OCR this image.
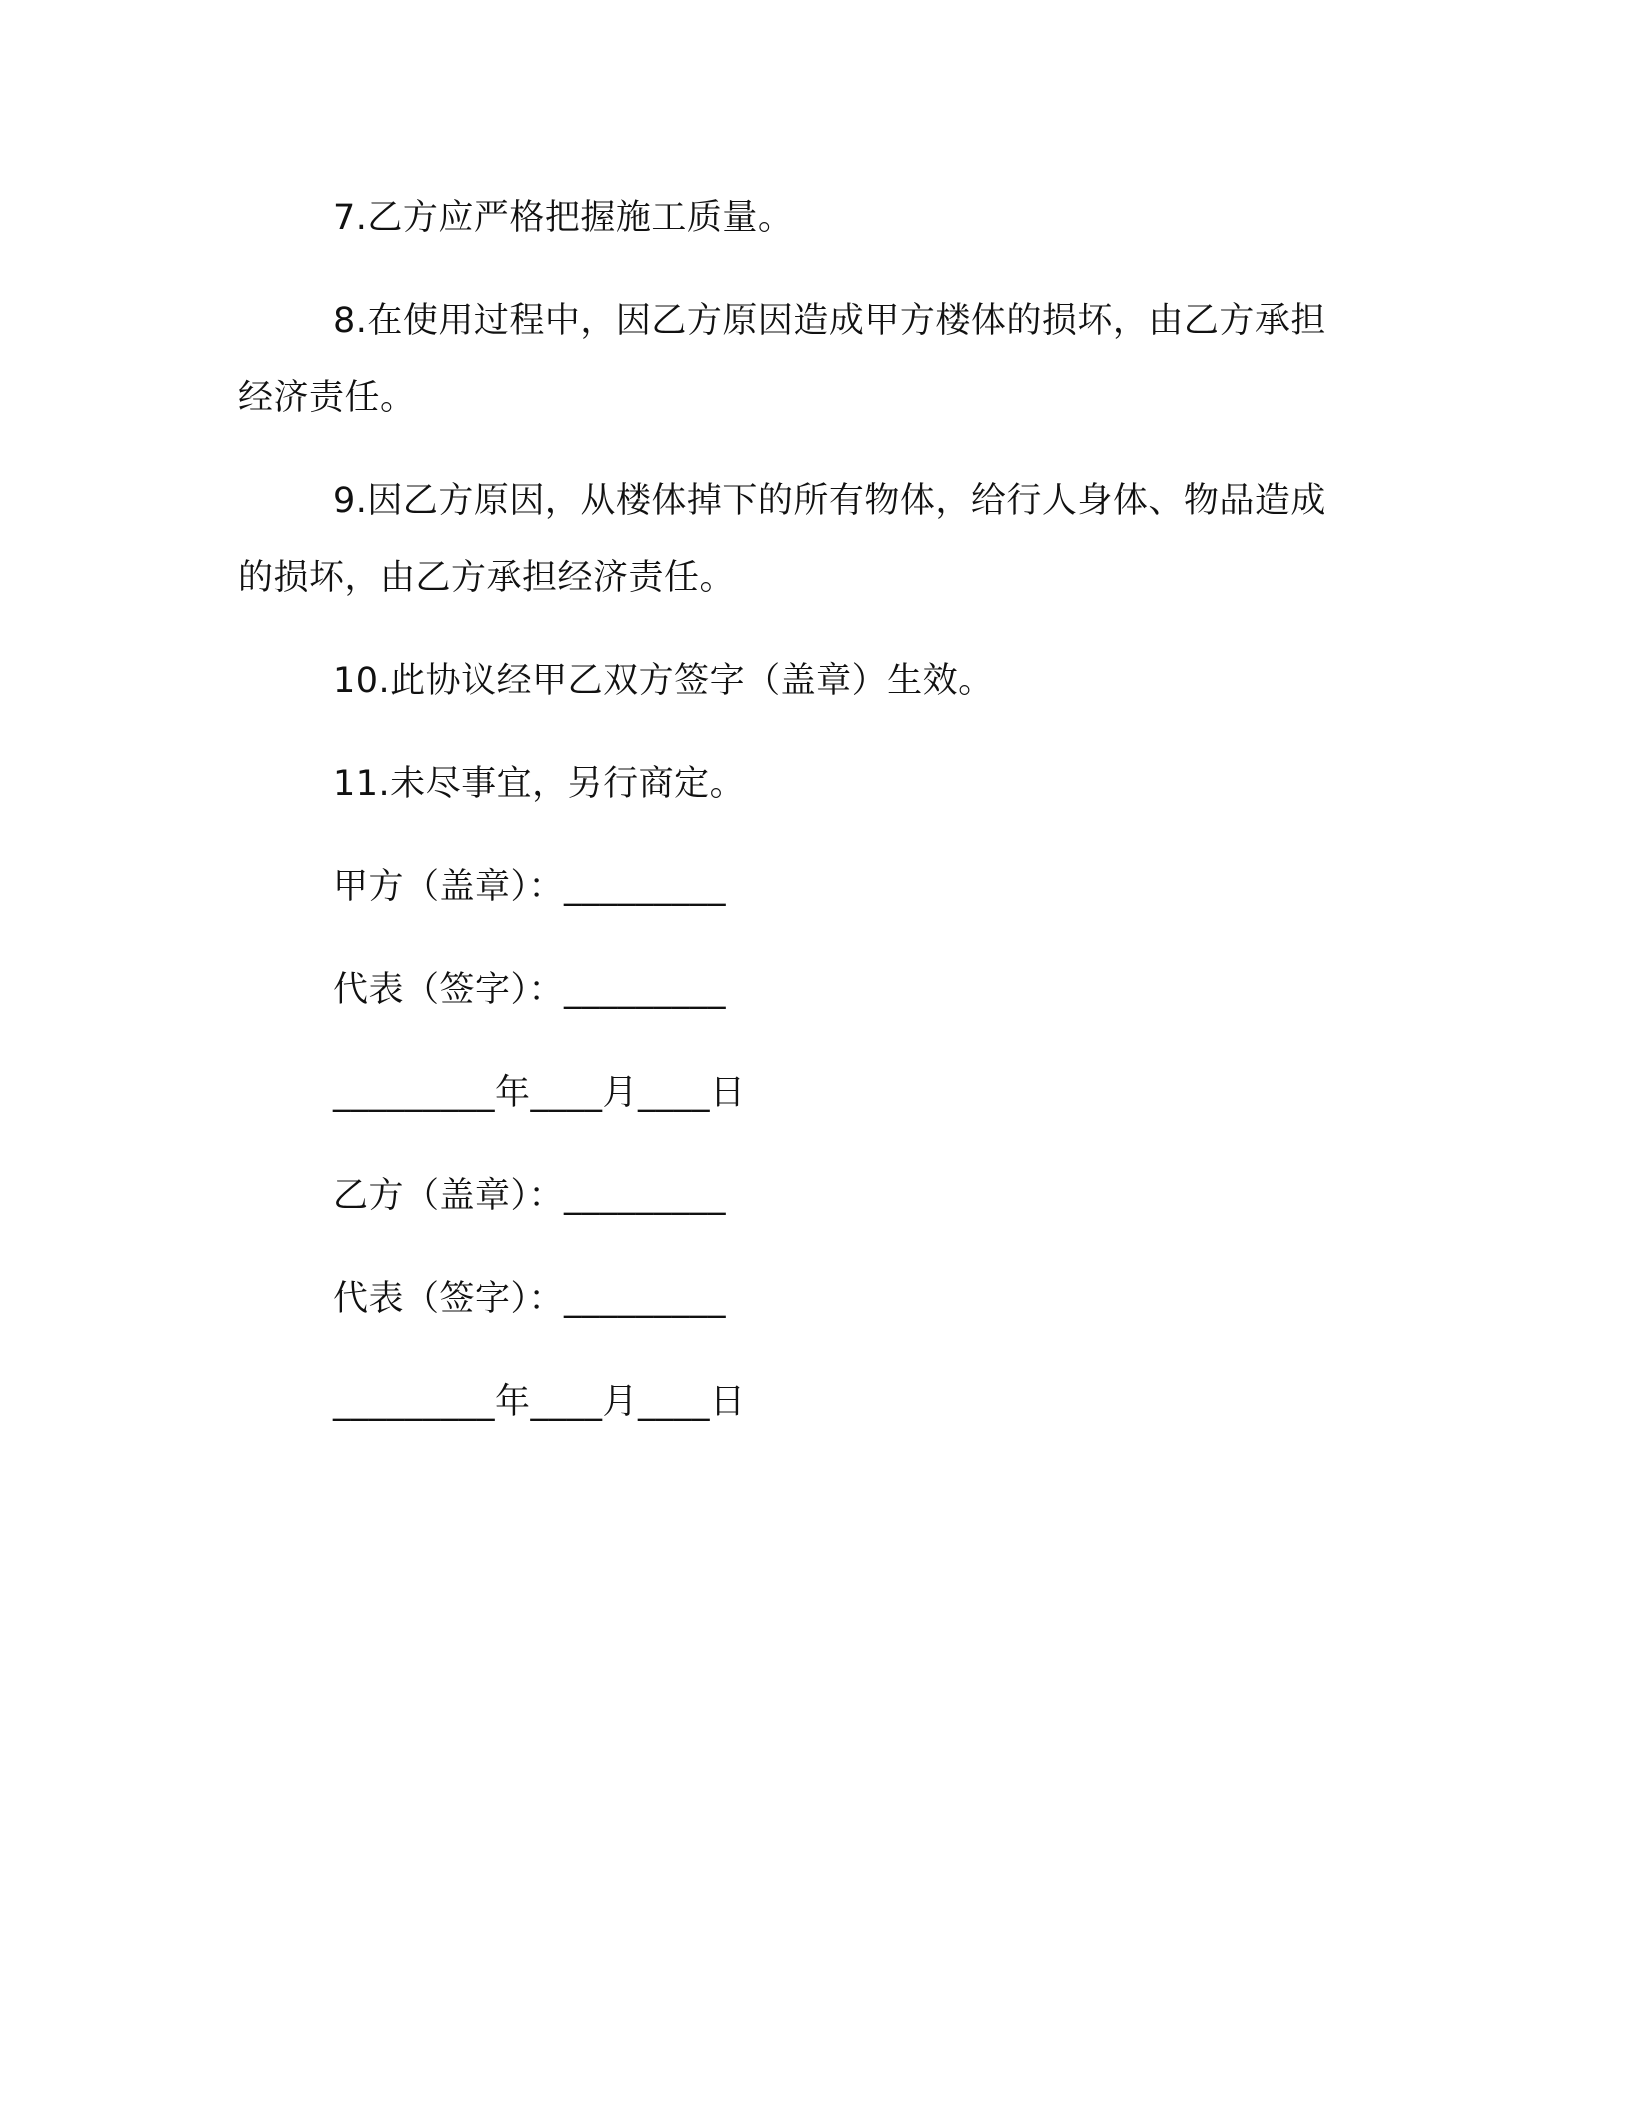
7.乙方应严格把握施工质量。
8.在使用过程中，因乙方原因造成甲方楼体的损坏，由乙方承担
经济责任。
9.因乙方原因，从楼体掉下的所有物体，给行人身体、物品造成
的损坏，由乙方承担经济责任。
10.此协议经甲乙双方签字（盖章）生效。
11.未尽事宜，另行商定。
甲方（盖章）：_________
代表（签字）：_________
_________年____月____日
乙方（盖章）：_________
代表（签字）：_________
_________年____月____日
